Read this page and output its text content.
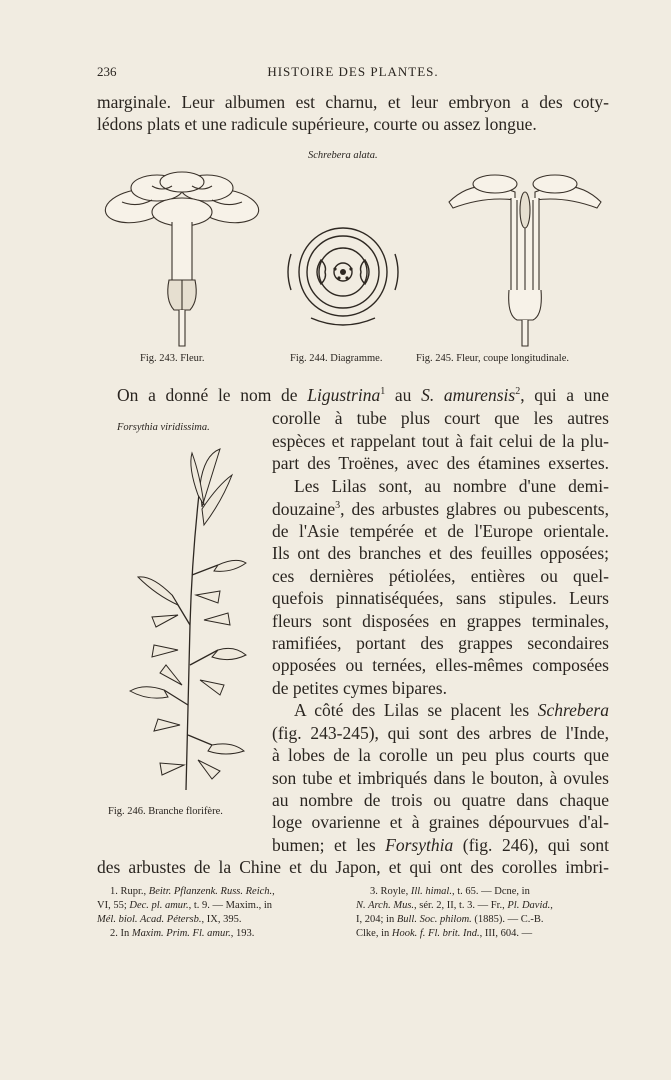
236	HISTOIRE DES PLANTES.
marginale. Leur albumen est charnu, et leur embryon a des coty-
lédons plats et une radicule supérieure, courte ou assez longue.
Schrebera alata.
Fig. 243. Fleur.	Fig. 244. Diagramme.	Fig. 245. Fleur, coupe longitudinale.
On a donné le nom de Ligustrina$^1$ au S. amurensis$^2$, qui a une
corolle à tube plus court que les autres
espèces et rappelant tout à fait celui de la plu-
part des Troënes, avec des étamines exsertes.
Forsythia viridissima.
Fig. 246. Branche florifère.
Les Lilas sont, au nombre d'une demi-
douzaine$^3$, des arbustes glabres ou pubescents,
de l'Asie tempérée et de l'Europe orientale.
Ils ont des branches et des feuilles opposées;
ces dernières pétiolées, entières ou quel-
quefois pinnatiséquées, sans stipules. Leurs
fleurs sont disposées en grappes terminales,
ramifiées, portant des grappes secondaires
opposées ou ternées, elles-mêmes composées
de petites cymes bipares.
A côté des Lilas se placent les Schrebera
(fig. 243-245), qui sont des arbres de l'Inde,
à lobes de la corolle un peu plus courts que
son tube et imbriqués dans le bouton, à ovules
au nombre de trois ou quatre dans chaque
loge ovarienne et à graines dépourvues d'al-
bumen; et les Forsythia (fig. 246), qui sont
des arbustes de la Chine et du Japon, et qui ont des corolles imbri-
1. Rupr., Beitr. Pflanzenk. Russ. Reich.,
VI, 55; Dec. pl. amur., t. 9. — Maxim., in
Mél. biol. Acad. Pétersb., IX, 395.
2. In Maxim. Prim. Fl. amur., 193.
3. Royle, Ill. himal., t. 65. — Dcne, in
N. Arch. Mus., sér. 2, II, t. 3. — Fr., Pl. David.,
I, 204; in Bull. Soc. philom. (1885). — C.-B.
Clke, in Hook. f. Fl. brit. Ind., III, 604. —
